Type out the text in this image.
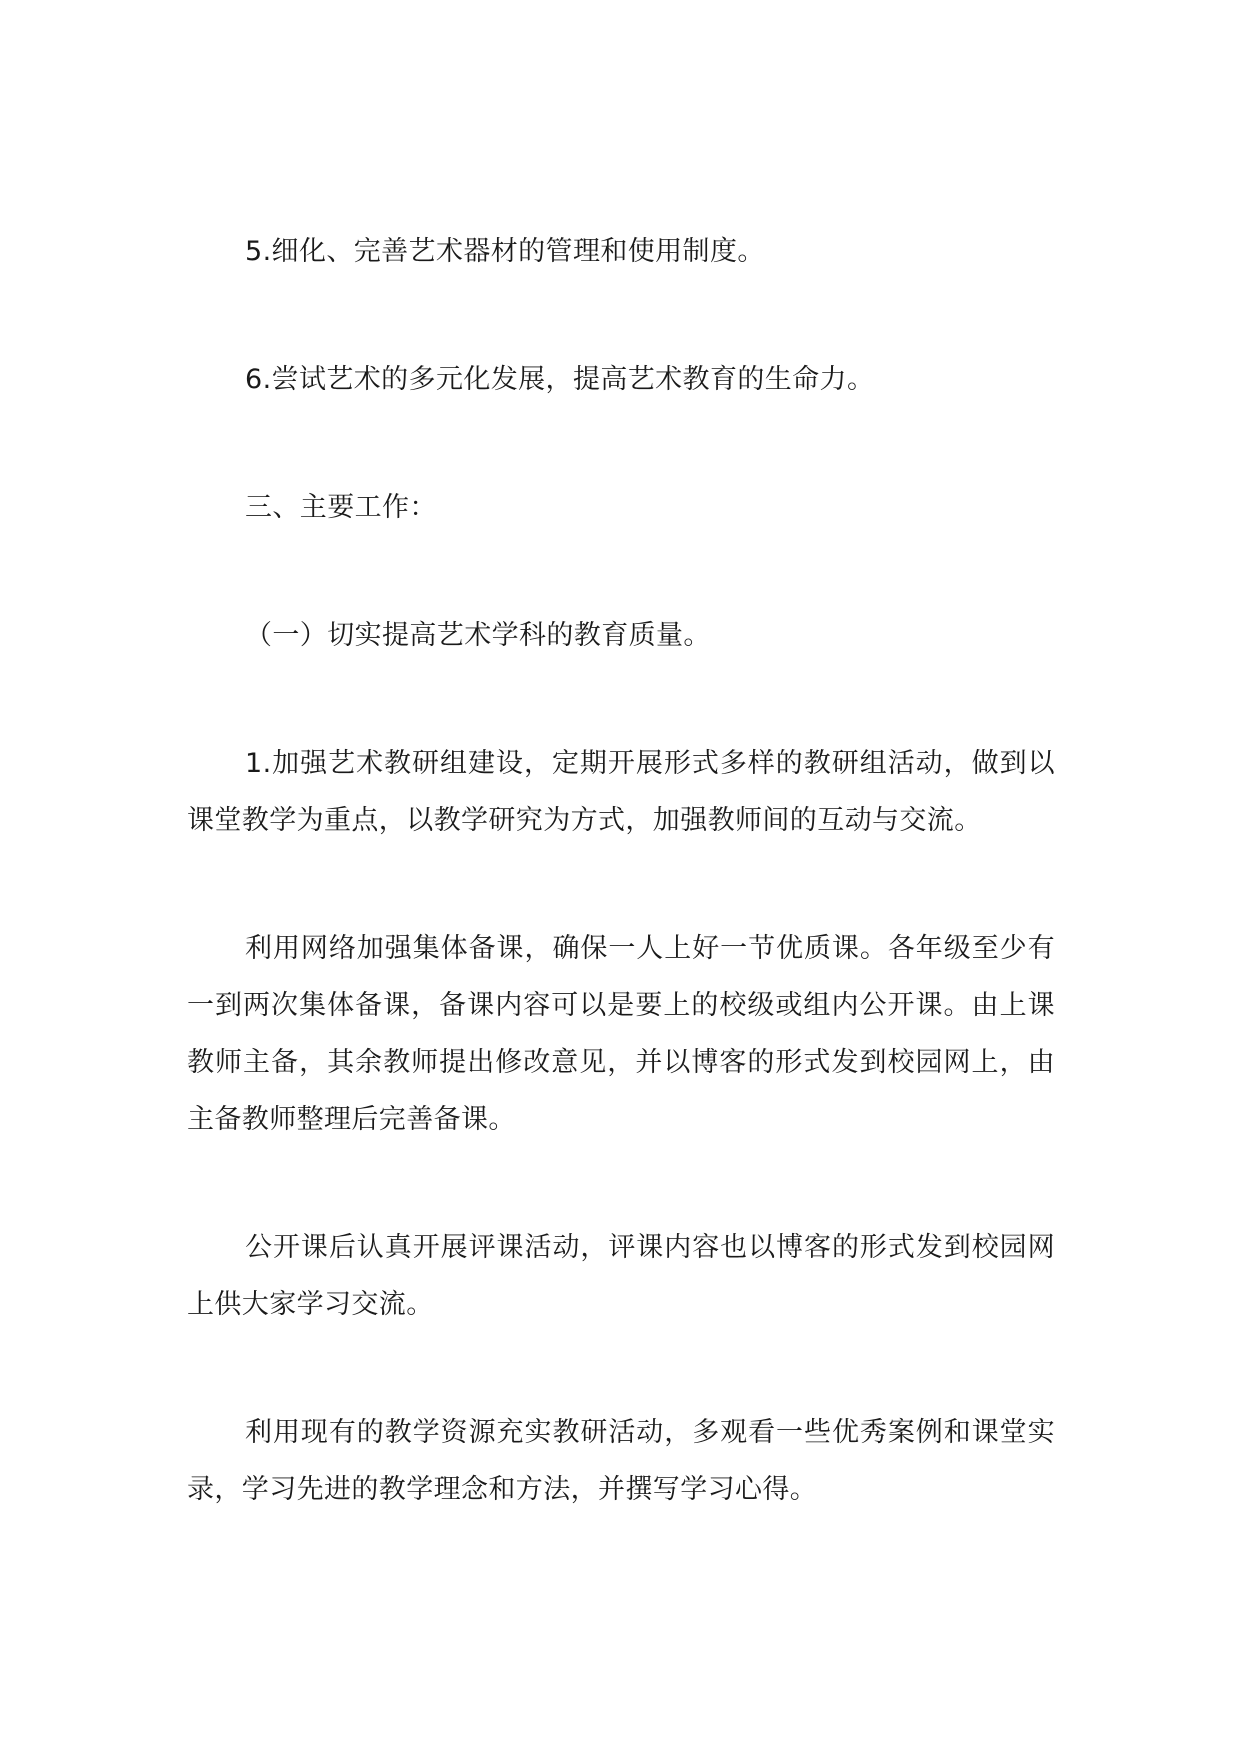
5.细化、完善艺术器材的管理和使用制度。

6.尝试艺术的多元化发展，提高艺术教育的生命力。

三、主要工作：

（一）切实提高艺术学科的教育质量。

1.加强艺术教研组建设，定期开展形式多样的教研组活动，做到以课堂教学为重点，以教学研究为方式，加强教师间的互动与交流。

利用网络加强集体备课，确保一人上好一节优质课。各年级至少有一到两次集体备课，备课内容可以是要上的校级或组内公开课。由上课教师主备，其余教师提出修改意见，并以博客的形式发到校园网上，由主备教师整理后完善备课。

公开课后认真开展评课活动，评课内容也以博客的形式发到校园网上供大家学习交流。

利用现有的教学资源充实教研活动，多观看一些优秀案例和课堂实录，学习先进的教学理念和方法，并撰写学习心得。
